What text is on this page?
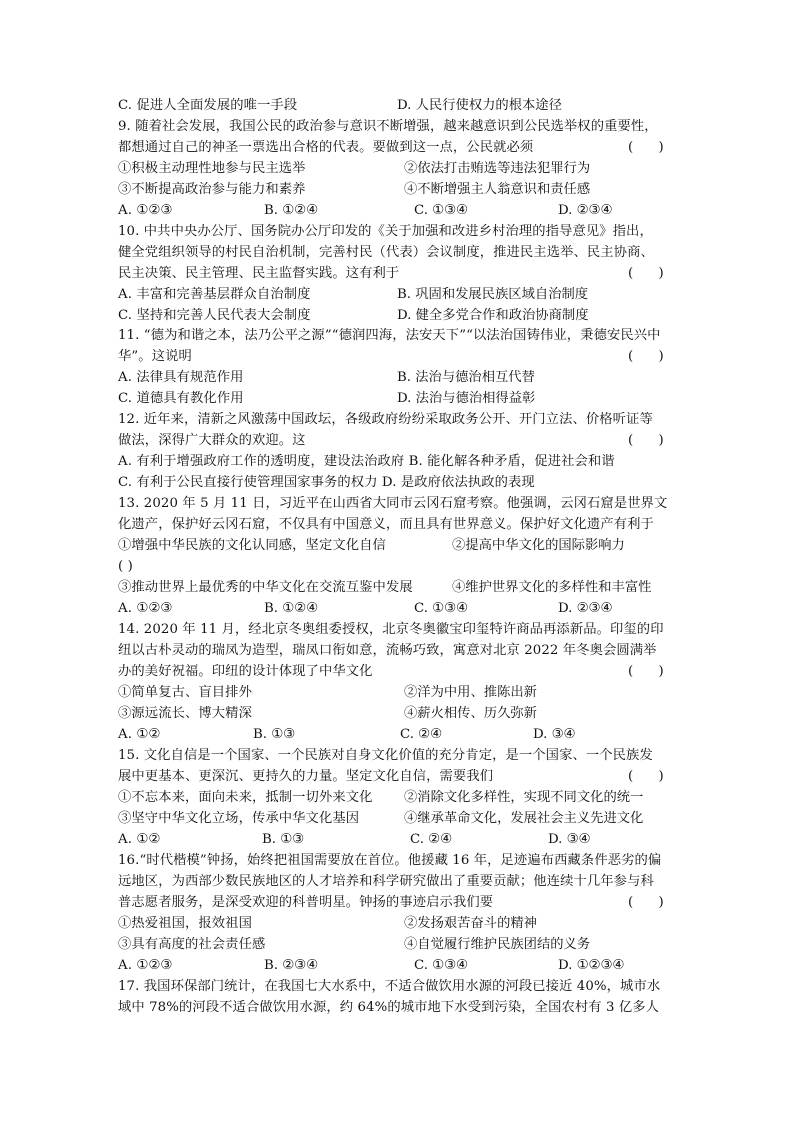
C. 促进人全面发展的唯一手段	D. 人民行使权力的根本途径
9. 随着社会发展，我国公民的政治参与意识不断增强，越来越意识到公民选举权的重要性，
都想通过自己的神圣一票选出合格的代表。要做到这一点，公民就必须	(      )
①积极主动理性地参与民主选举	②依法打击贿选等违法犯罪行为
③不断提高政治参与能力和素养	④不断增强主人翁意识和责任感
A. ①②③	B. ①②④	C. ①③④	D. ②③④
10. 中共中央办公厅、国务院办公厅印发的《关于加强和改进乡村治理的指导意见》指出，
健全党组织领导的村民自治机制，完善村民（代表）会议制度，推进民主选举、民主协商、
民主决策、民主管理、民主监督实践。这有利于	(      )
A. 丰富和完善基层群众自治制度	B. 巩固和发展民族区域自治制度
C. 坚持和完善人民代表大会制度	D. 健全多党合作和政治协商制度
11. “德为和谐之本，法乃公平之源”“德润四海，法安天下”“以法治国铸伟业，秉德安民兴中
华”。这说明	(      )
A. 法律具有规范作用	B. 法治与德治相互代替
C. 道德具有教化作用	D. 法治与德治相得益彰
12. 近年来，清新之风激荡中国政坛，各级政府纷纷采取政务公开、开门立法、价格听证等
做法，深得广大群众的欢迎。这	(      )
A. 有利于增强政府工作的透明度，建设法治政府 B. 能化解各种矛盾，促进社会和谐
C. 有利于公民直接行使管理国家事务的权力 D. 是政府依法执政的表现
13. 2020 年 5 月 11 日，习近平在山西省大同市云冈石窟考察。他强调，云冈石窟是世界文
化遗产，保护好云冈石窟，不仅具有中国意义，而且具有世界意义。保护好文化遗产有利于
①增强中华民族的文化认同感，坚定文化自信	②提高中华文化的国际影响力
( )
③推动世界上最优秀的中华文化在交流互鉴中发展	④维护世界文化的多样性和丰富性
A. ①②③	B. ①②④	C. ①③④	D. ②③④
14. 2020 年 11 月，经北京冬奥组委授权，北京冬奥徽宝印玺特许商品再添新品。印玺的印
纽以古朴灵动的瑞凤为造型，瑞凤口衔如意，流畅巧致，寓意对北京 2022 年冬奥会圆满举
办的美好祝福。印纽的设计体现了中华文化	(      )
①简单复古、盲目排外	②洋为中用、推陈出新
③源远流长、博大精深	④薪火相传、历久弥新
A. ①②	B. ①③	C. ②④	D. ③④
15. 文化自信是一个国家、一个民族对自身文化价值的充分肯定，是一个国家、一个民族发
展中更基本、更深沉、更持久的力量。坚定文化自信，需要我们	(      )
①不忘本来，面向未来，抵制一切外来文化 ②消除文化多样性，实现不同文化的统一
③坚守中华文化立场，传承中华文化基因	④继承革命文化，发展社会主义先进文化
A. ①②	B. ①③	C. ②④	D. ③④
16.“时代楷模”钟扬，始终把祖国需要放在首位。他援藏 16 年，足迹遍布西藏条件恶劣的偏
远地区，为西部少数民族地区的人才培养和科学研究做出了重要贡献；他连续十几年参与科
普志愿者服务，是深受欢迎的科普明星。钟扬的事迹启示我们要	(      )
①热爱祖国，报效祖国	②发扬艰苦奋斗的精神
③具有高度的社会责任感	④自觉履行维护民族团结的义务
A. ①②③	B. ②③④	C. ①③④	D. ①②③④
17. 我国环保部门统计，在我国七大水系中，不适合做饮用水源的河段已接近 40%，城市水
域中 78%的河段不适合做饮用水源，约 64%的城市地下水受到污染，全国农村有 3 亿多人
